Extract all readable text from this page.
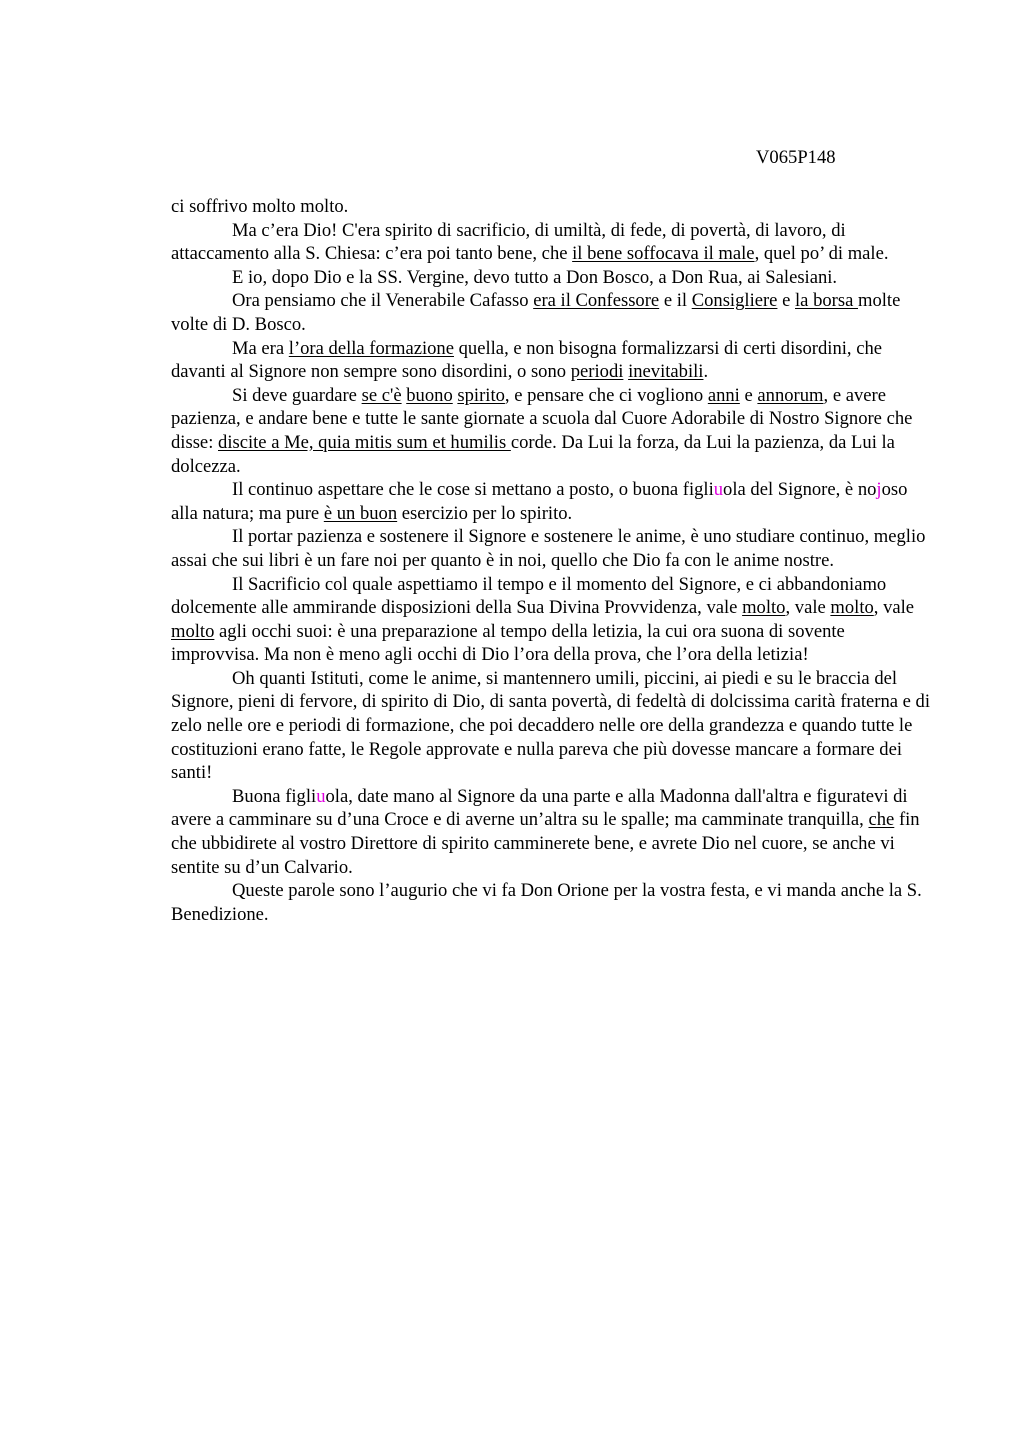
V065P148

ci soffrivo molto molto.

Ma c’era Dio! C'era spirito di sacrificio, di umiltà, di fede, di povertà, di lavoro, di attaccamento alla S. Chiesa: c’era poi tanto bene, che il bene soffocava il male, quel po’ di male.

E io, dopo Dio e la SS. Vergine, devo tutto a Don Bosco, a Don Rua, ai Salesiani.

Ora pensiamo che il Venerabile Cafasso era il Confessore e il Consigliere e la borsa molte volte di D. Bosco.

Ma era l’ora della formazione quella, e non bisogna formalizzarsi di certi disordini, che davanti al Signore non sempre sono disordini, o sono periodi inevitabili.

Si deve guardare se c'è buono spirito, e pensare che ci vogliono anni e annorum, e avere pazienza, e andare bene e tutte le sante giornate a scuola dal Cuore Adorabile di Nostro Signore che disse: discite a Me, quia mitis sum et humilis corde. Da Lui la forza, da Lui la pazienza, da Lui la dolcezza.

Il continuo aspettare che le cose si mettano a posto, o buona figliuola del Signore, è nojoso alla natura; ma pure è un buon esercizio per lo spirito.

Il portar pazienza e sostenere il Signore e sostenere le anime, è uno studiare continuo, meglio assai che sui libri è un fare noi per quanto è in noi, quello che Dio fa con le anime nostre.

Il Sacrificio col quale aspettiamo il tempo e il momento del Signore, e ci abbandoniamo dolcemente alle ammirande disposizioni della Sua Divina Provvidenza, vale molto, vale molto, vale molto agli occhi suoi: è una preparazione al tempo della letizia, la cui ora suona di sovente improvvisa. Ma non è meno agli occhi di Dio l’ora della prova, che l’ora della letizia!

Oh quanti Istituti, come le anime, si mantennero umili, piccini, ai piedi e su le braccia del Signore, pieni di fervore, di spirito di Dio, di santa povertà, di fedeltà di dolcissima carità fraterna e di zelo nelle ore e periodi di formazione, che poi decaddero nelle ore della grandezza e quando tutte le costituzioni erano fatte, le Regole approvate e nulla pareva che più dovesse mancare a formare dei santi!

Buona figliuola, date mano al Signore da una parte e alla Madonna dall'altra e figuratevi di avere a camminare su d’una Croce e di averne un’altra su le spalle; ma camminate tranquilla, che fin che ubbidirete al vostro Direttore di spirito camminerete bene, e avrete Dio nel cuore, se anche vi sentite su d’un Calvario.

Queste parole sono l’augurio che vi fa Don Orione per la vostra festa, e vi manda anche la S. Benedizione.
